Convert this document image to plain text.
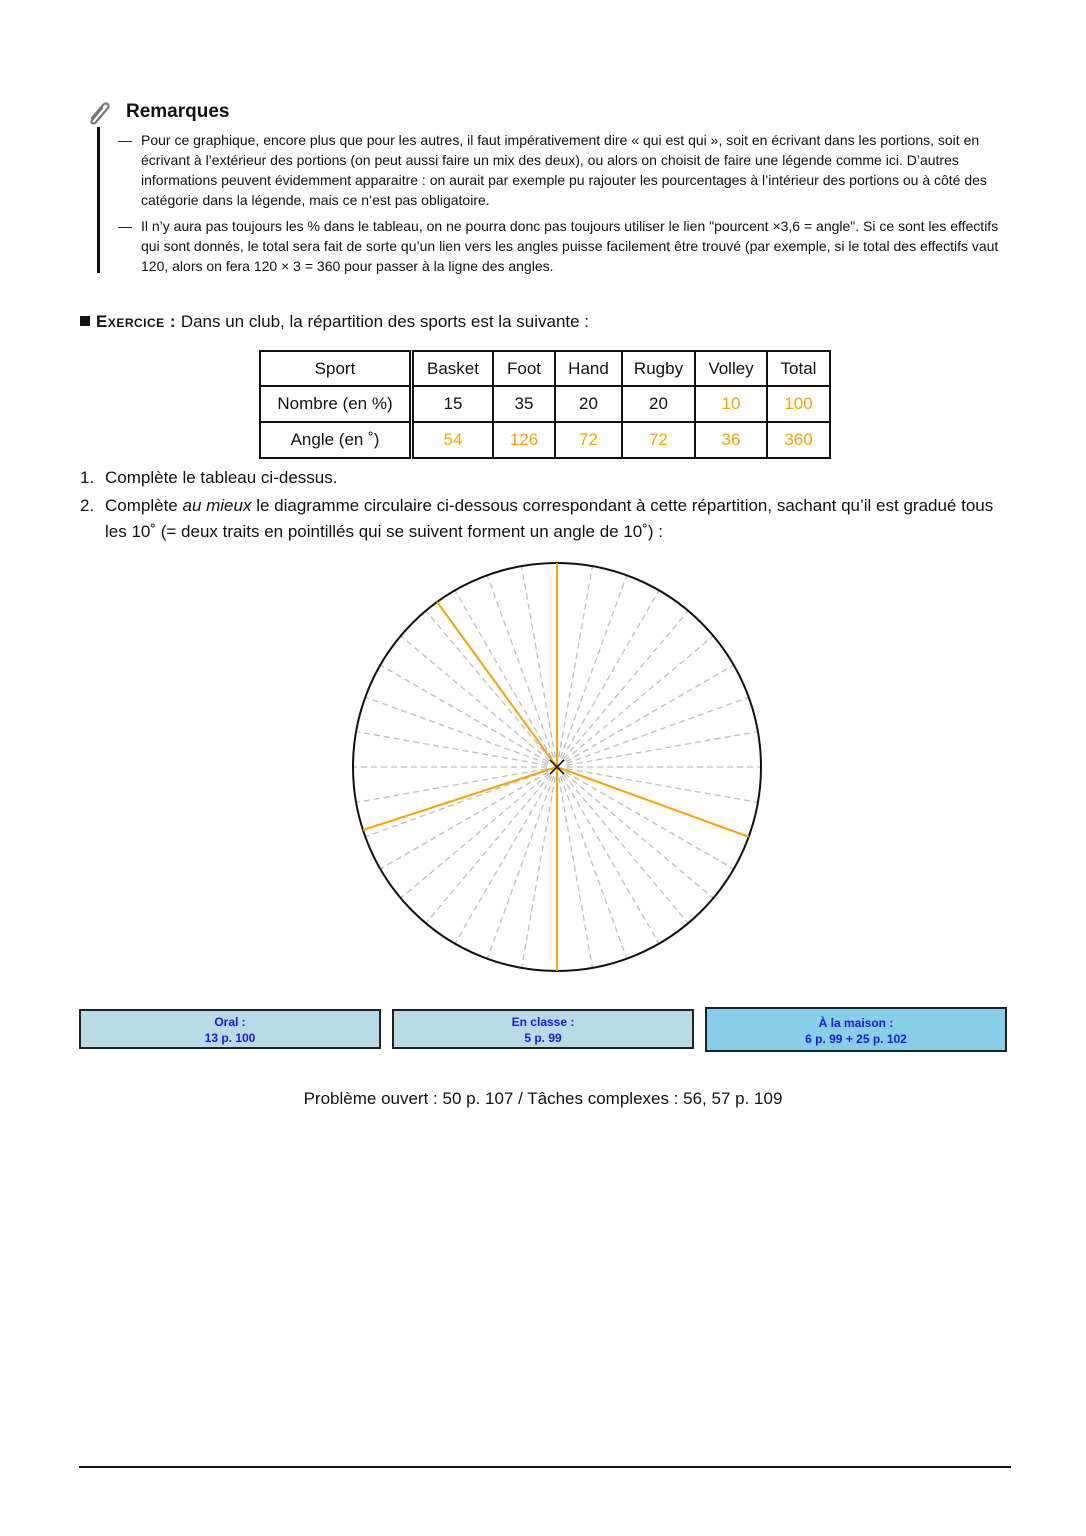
Remarques
— Pour ce graphique, encore plus que pour les autres, il faut impérativement dire « qui est qui », soit en écrivant dans les portions, soit en écrivant à l’extérieur des portions (on peut aussi faire un mix des deux), ou alors on choisit de faire une légende comme ici. D’autres informations peuvent évidemment apparaitre : on aurait par exemple pu rajouter les pourcentages à l’intérieur des portions ou à côté des catégorie dans la légende, mais ce n’est pas obligatoire.
— Il n’y aura pas toujours les % dans le tableau, on ne pourra donc pas toujours utiliser le lien "pourcent ×3,6 = angle". Si ce sont les effectifs qui sont donnés, le total sera fait de sorte qu’un lien vers les angles puisse facilement être trouvé (par exemple, si le total des effectifs vaut 120, alors on fera 120 × 3 = 360 pour passer à la ligne des angles.
Exercice : Dans un club, la répartition des sports est la suivante :
Sport	Basket	Foot	Hand	Rugby	Volley	Total
Nombre (en %)	15	35	20	20	10	100
Angle (en ˚)	54	126	72	72	36	360
1. Complète le tableau ci-dessus.
2. Complète au mieux le diagramme circulaire ci-dessous correspondant à cette répartition, sachant qu’il est gradué tous les 10˚ (= deux traits en pointillés qui se suivent forment un angle de 10˚) :
Oral :
13 p. 100
En classe :
5 p. 99
À la maison :
6 p. 99 + 25 p. 102
Problème ouvert : 50 p. 107 / Tâches complexes : 56, 57 p. 109
